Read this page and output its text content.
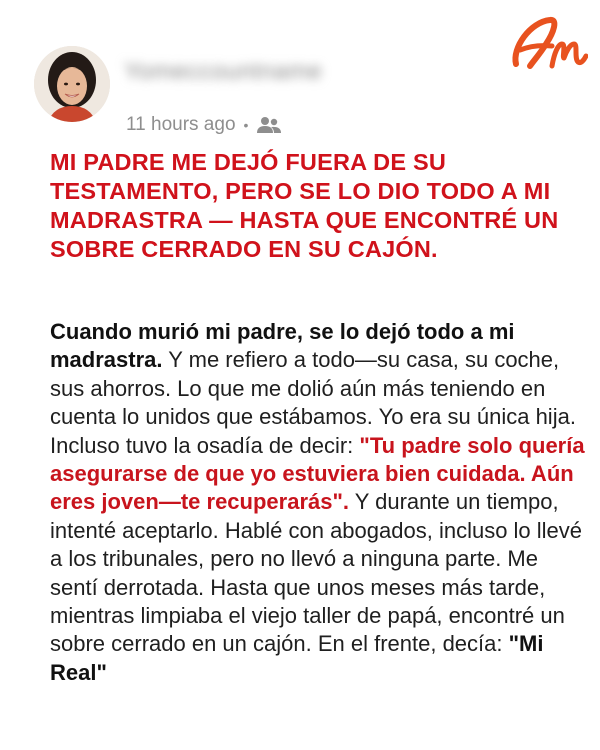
Yomeccountname
11 hours ago •
MI PADRE ME DEJÓ FUERA DE SU TESTAMENTO, PERO SE LO DIO TODO A MI MADRASTRA — HASTA QUE ENCONTRÉ UN SOBRE CERRADO EN SU CAJÓN.

Cuando murió mi padre, se lo dejó todo a mi madrastra. Y me refiero a todo—su casa, su coche, sus ahorros. Lo que me dolió aún más teniendo en cuenta lo unidos que estábamos. Yo era su única hija. Incluso tuvo la osadía de decir: "Tu padre solo quería asegurarse de que yo estuviera bien cuidada. Aún eres joven—te recuperarás". Y durante un tiempo, intenté aceptarlo. Hablé con abogados, incluso lo llevé a los tribunales, pero no llevó a ninguna parte. Me sentí derrotada. Hasta que unos meses más tarde, mientras limpiaba el viejo taller de papá, encontré un sobre cerrado en un cajón. En el frente, decía: "Mi Real"
